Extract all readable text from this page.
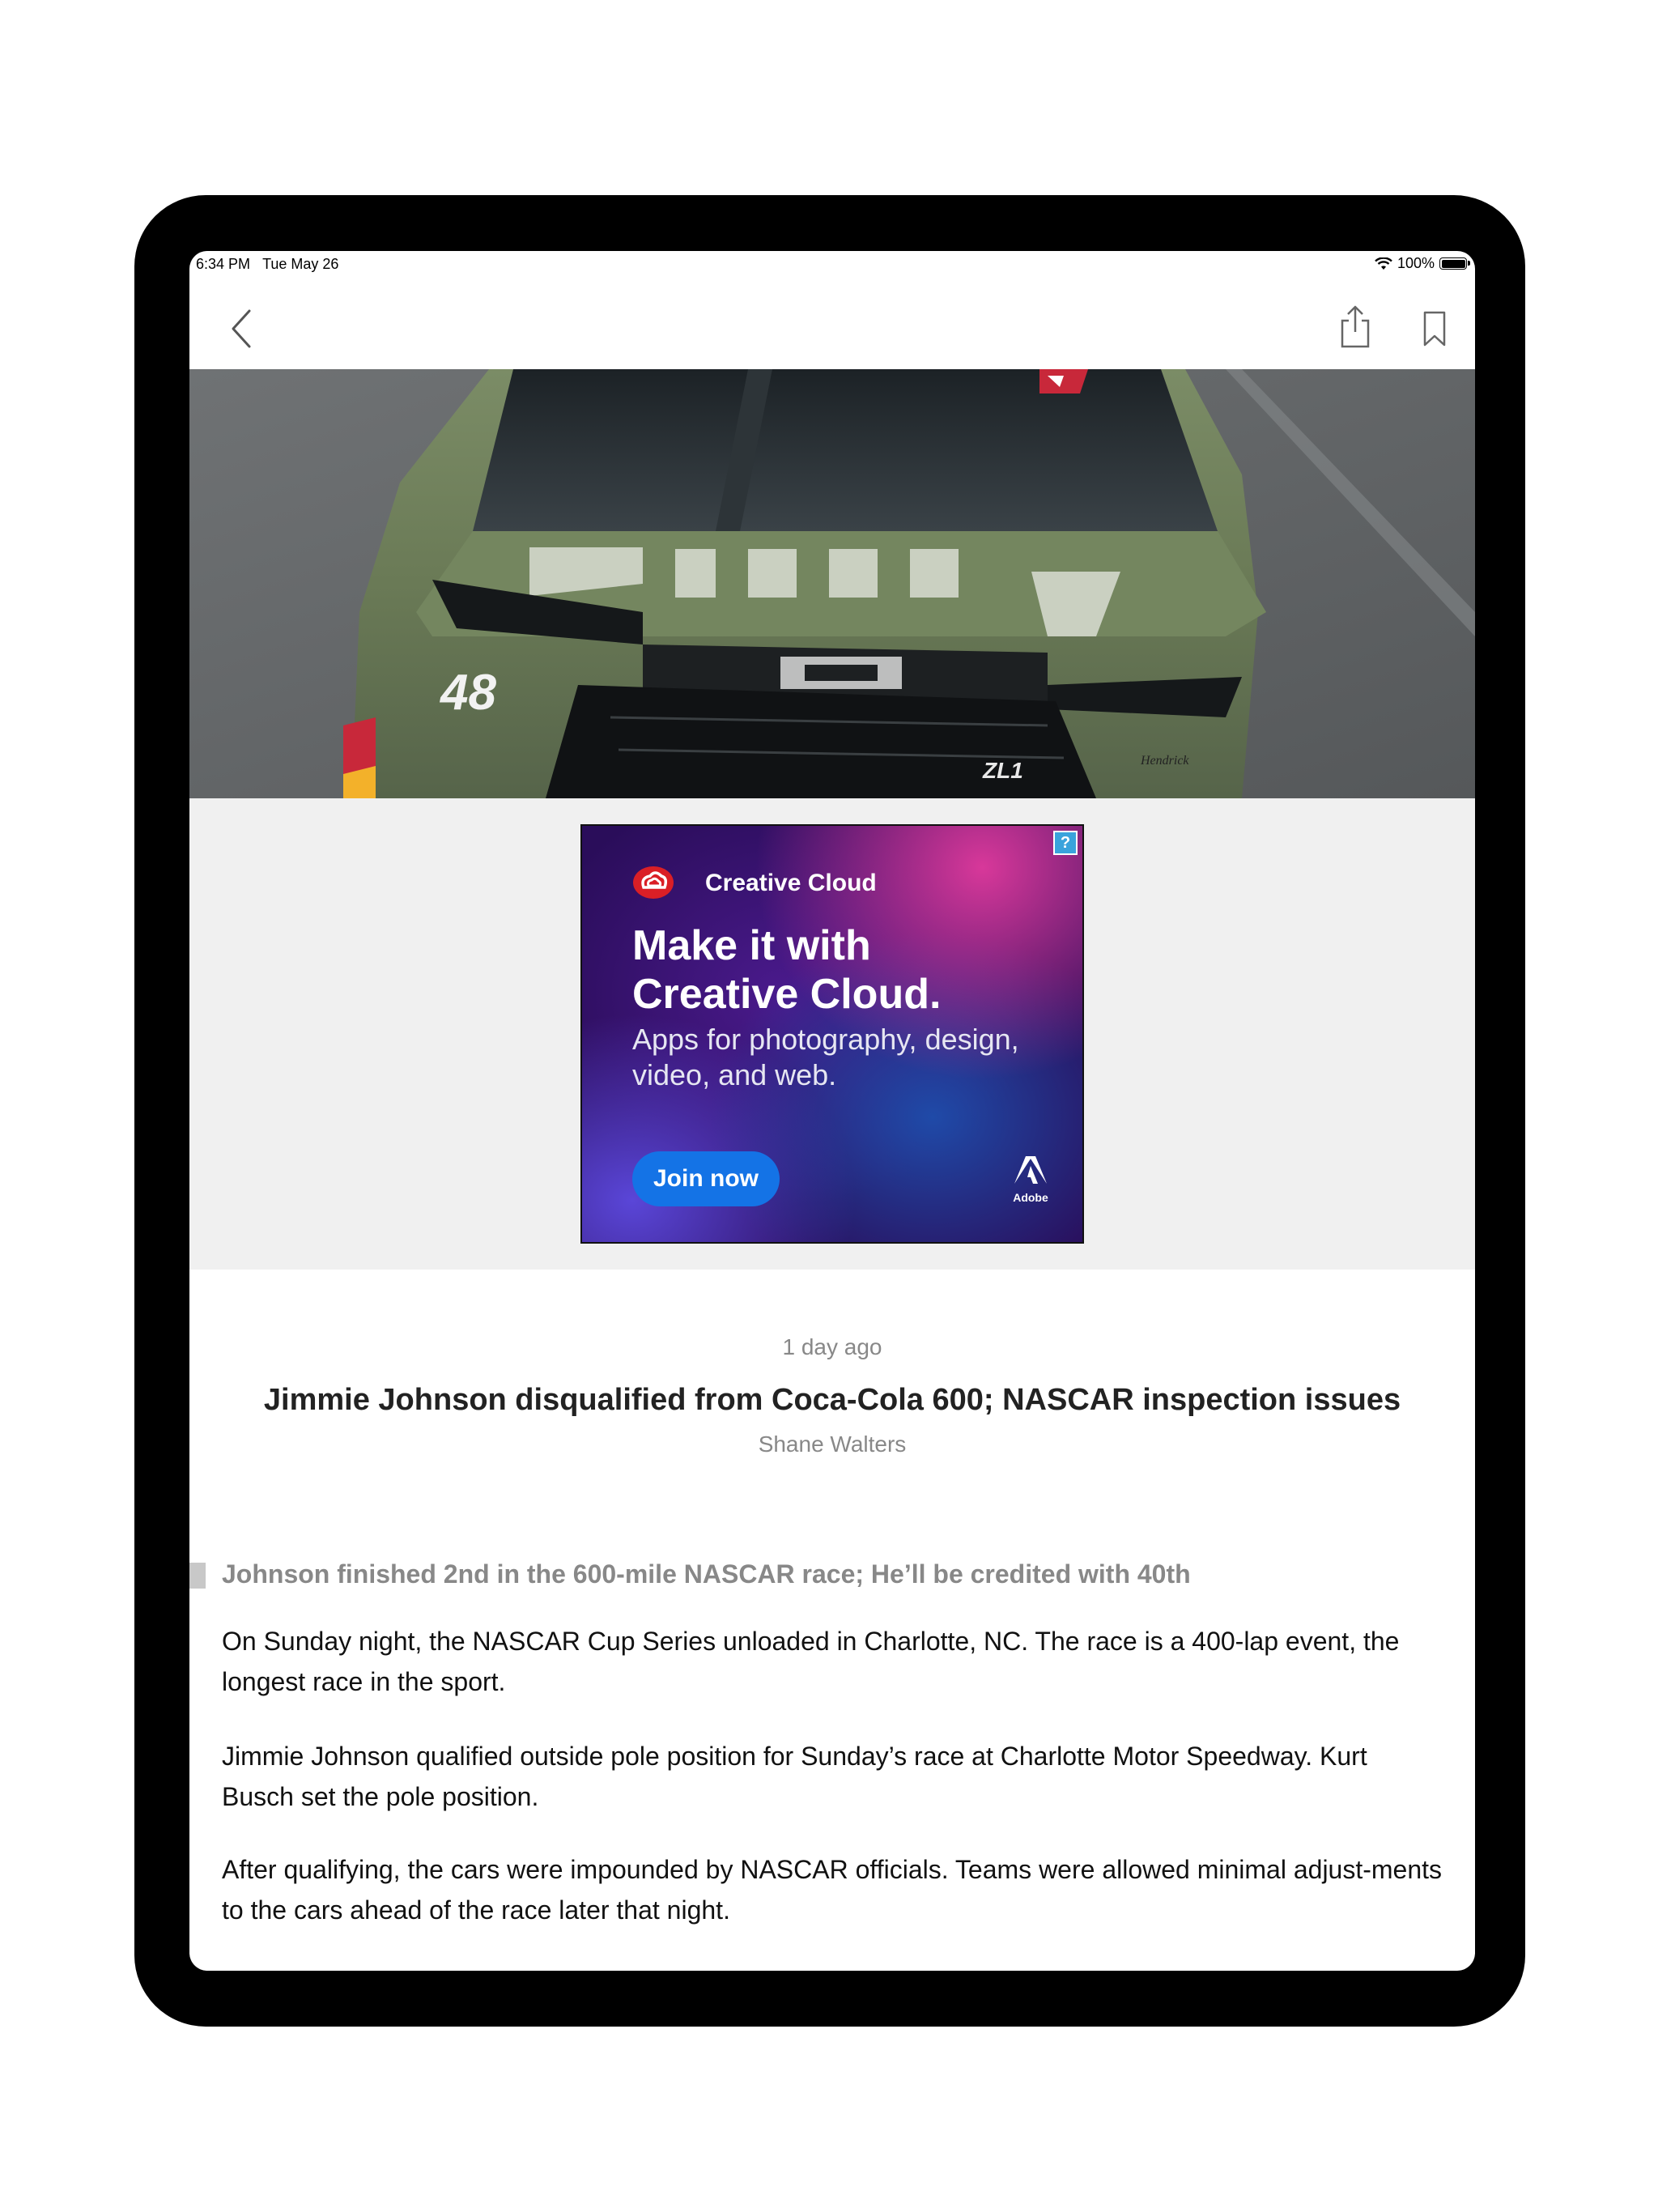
6:34 PM Tue May 26	100%
48
ZL1	Hendrick
?
Creative Cloud
Make it with
Creative Cloud.
Apps for photography, design,
video, and web.
Join now
Adobe
1 day ago
Jimmie Johnson disqualified from Coca-Cola 600; NASCAR inspection issues
Shane Walters
Johnson finished 2nd in the 600-mile NASCAR race; He’ll be credited with 40th
On Sunday night, the NASCAR Cup Series unloaded in Charlotte, NC. The race is a 400-lap event, the longest race in the sport.
Jimmie Johnson qualified outside pole position for Sunday’s race at Charlotte Motor Speedway. Kurt Busch set the pole position.
After qualifying, the cars were impounded by NASCAR officials. Teams were allowed minimal adjust-ments to the cars ahead of the race later that night.
